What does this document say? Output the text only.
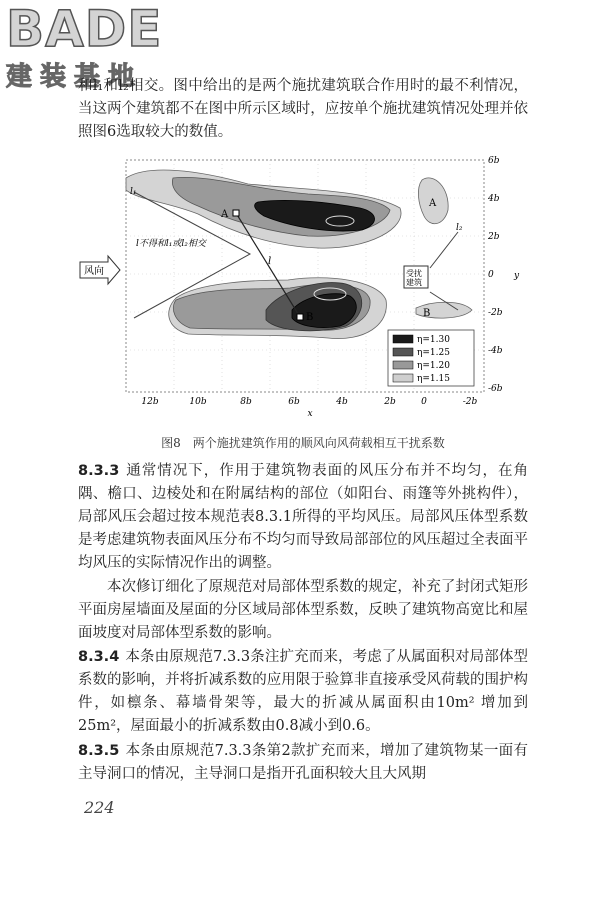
BADE
建装基地

和l₁和l₂相交。图中给出的是两个施扰建筑联合作用时的最不利情况，当这两个建筑都不在图中所示区域时，应按单个施扰建筑情况处理并依照图6选取较大的数值。

风向
l不得和l₁或l₂相交
受扰
建筑
A
B
A
B
l
l₁
l₂
η=1.30
η=1.25
η=1.20
η=1.15
12b	10b	8b	6b	4b	2b	0	-2b
x
6b
4b
2b
0
-2b
-4b
-6b
y
图8　两个施扰建筑作用的顺风向风荷载相互干扰系数

8.3.3 通常情况下，作用于建筑物表面的风压分布并不均匀，在角隅、檐口、边棱处和在附属结构的部位（如阳台、雨篷等外挑构件），局部风压会超过按本规范表8.3.1所得的平均风压。局部风压体型系数是考虑建筑物表面风压分布不均匀而导致局部部位的风压超过全表面平均风压的实际情况作出的调整。

本次修订细化了原规范对局部体型系数的规定，补充了封闭式矩形平面房屋墙面及屋面的分区域局部体型系数，反映了建筑物高宽比和屋面坡度对局部体型系数的影响。

8.3.4 本条由原规范7.3.3条注扩充而来，考虑了从属面积对局部体型系数的影响，并将折减系数的应用限于验算非直接承受风荷载的围护构件，如檩条、幕墙骨架等，最大的折减从属面积由10m² 增加到25m²，屋面最小的折减系数由0.8减小到0.6。

8.3.5 本条由原规范7.3.3条第2款扩充而来，增加了建筑物某一面有主导洞口的情况，主导洞口是指开孔面积较大且大风期

224
